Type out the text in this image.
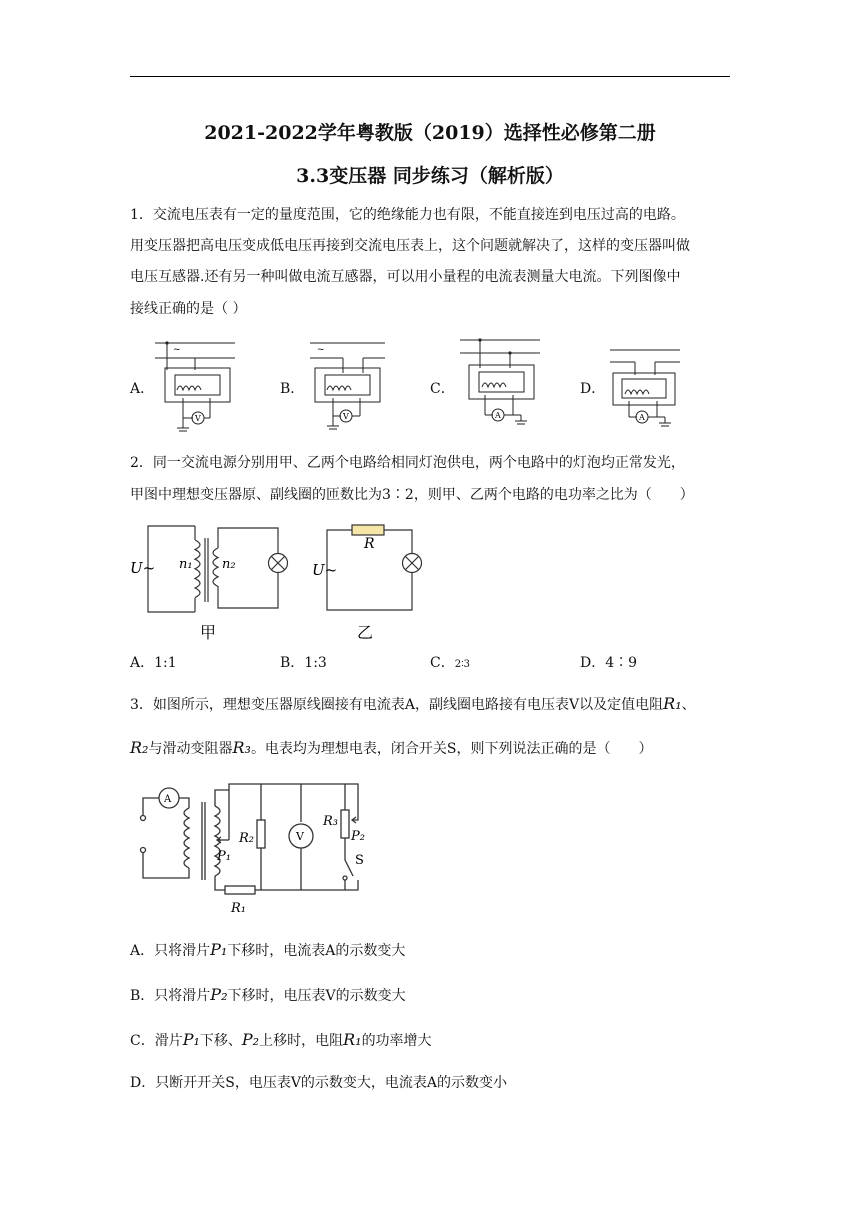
2021-2022学年粤教版（2019）选择性必修第二册
3.3变压器 同步练习（解析版）
1．交流电压表有一定的量度范围，它的绝缘能力也有限，不能直接连到电压过高的电路。
用变压器把高电压变成低电压再接到交流电压表上，这个问题就解决了，这样的变压器叫做
电压互感器.还有另一种叫做电流互感器，可以用小量程的电流表测量大电流。下列图像中
接线正确的是（ ）
A．	B．	C．	D．
~
V
~
V	A	A
2．同一交流电源分别用甲、乙两个电路给相同灯泡供电，两个电路中的灯泡均正常发光，
甲图中理想变压器原、副线圈的匝数比为3∶2，则甲、乙两个电路的电功率之比为（　　）
U~ n₁ n₂
甲
R
U~
乙
A．1:1	B．1:3	C．2∶3	D．4∶9
3．如图所示，理想变压器原线圈接有电流表A，副线圈电路接有电压表V以及定值电阻R₁、
R₂与滑动变阻器R₃。电表均为理想电表，闭合开关S，则下列说法正确的是（　　）
A
V
R₂
R₃
P₁
P₂
S
R₁
A．只将滑片P₁下移时，电流表A的示数变大
B．只将滑片P₂下移时，电压表V的示数变大
C．滑片P₁下移、P₂上移时，电阻R₁的功率增大
D．只断开开关S，电压表V的示数变大，电流表A的示数变小
